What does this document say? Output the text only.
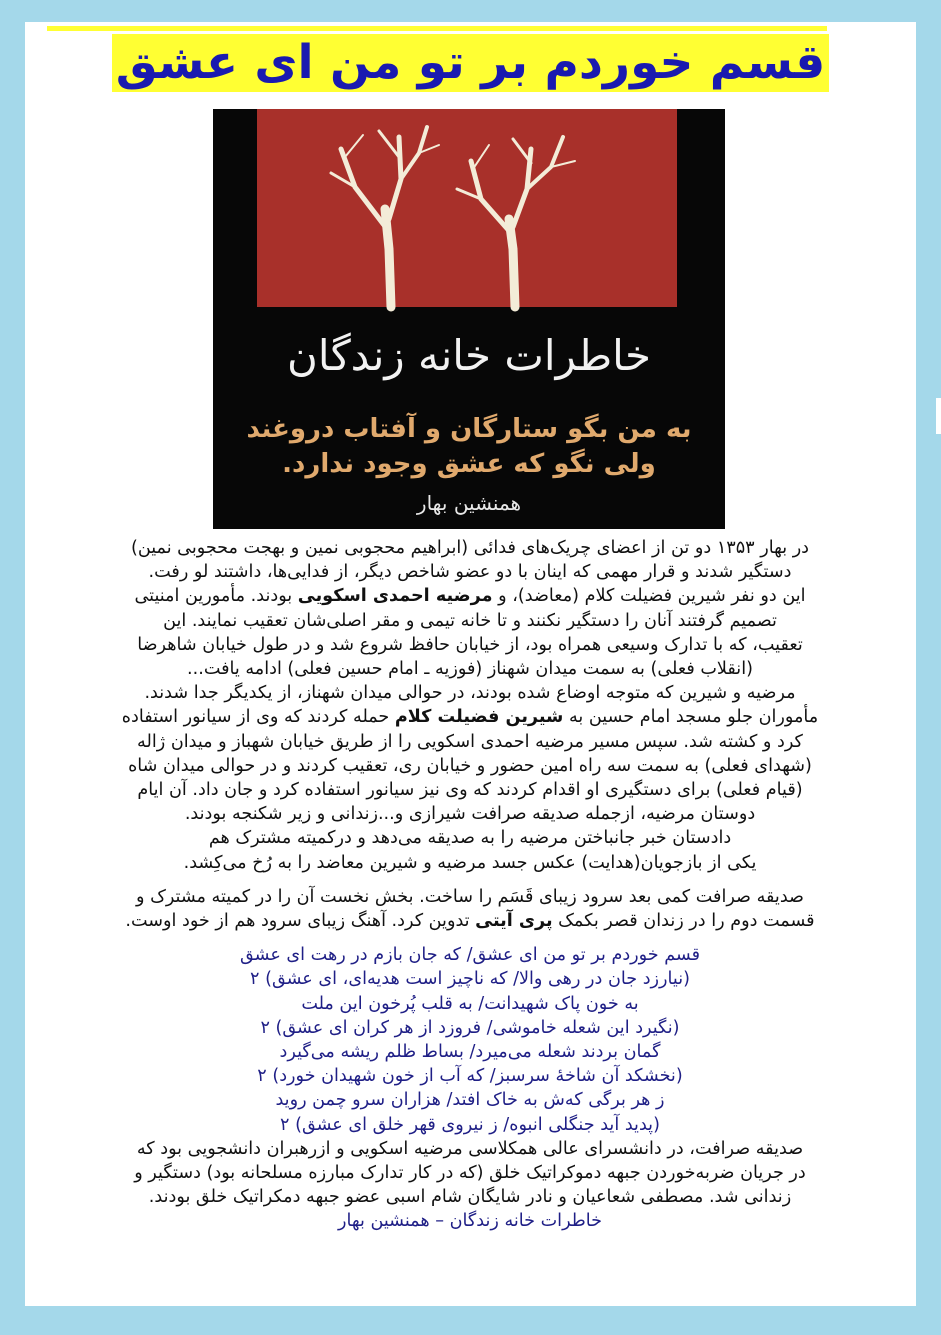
قسم خوردم بر تو من ای عشق
خاطرات خانه زندگان
به من بگو ستارگان و آفتاب دروغند
ولی نگو که عشق وجود ندارد.
همنشین بهار
در بهار ۱۳۵۳ دو تن از اعضای چریک‌های فدائی (ابراهیم محجوبی نمین و بهجت محجوبی نمین)
دستگیر شدند و قرار مهمی که اینان با دو عضو شاخص دیگر، از فدایی‌ها، داشتند لو رفت.
این دو نفر شیرین فضیلت کلام (معاضد)، و مرضیه احمدی اسکویی بودند. مأمورین امنیتی
تصمیم گرفتند آنان را دستگیر نکنند و تا خانه تیمی و مقر اصلی‌شان تعقیب نمایند. این
تعقیب، که با تدارک وسیعی همراه بود، از خیابان حافظ شروع شد و در طول خیابان شاهرضا
(انقلاب فعلی) به سمت میدان شهناز (فوزیه ـ امام حسین فعلی) ادامه یافت...
مرضیه و شیرین که متوجه اوضاع شده بودند، در حوالی میدان شهناز، از یکدیگر جدا شدند.
مأموران جلو مسجد امام حسین به شیرین فضیلت کلام حمله کردند که وی از سیانور استفاده
کرد و کشته شد. سپس مسیر مرضیه احمدی اسکویی را از طریق خیابان شهباز و میدان ژاله
(شهدای فعلی) به سمت سه راه امین حضور و خیابان ری، تعقیب کردند و در حوالی میدان شاه
(قیام فعلی) برای دستگیری او اقدام کردند که وی نیز سیانور استفاده کرد و جان داد. آن ایام
دوستان مرضیه، ازجمله صدیقه صرافت شیرازی و...زندانی و زیر شکنجه بودند.
دادستان خبر جانباختن مرضیه را به صدیقه می‌دهد و درکمیته مشترک هم
یکی از بازجویان(هدایت) عکس جسد مرضیه و شیرین معاضد را به رُخ می‌کِشد.
صدیقه صرافت کمی بعد سرود زیبای قَسَم را ساخت. بخش نخست آن را در کمیته مشترک و
قسمت دوم را در زندان قصر بکمک پری آیتی تدوین کرد. آهنگ زیبای سرود هم از خود اوست.
قسم خوردم بر تو من ای عشق/ که جان بازم در رهت ای عشق
(نیارزد جان در رهی والا/ که ناچیز است هدیه‌ای، ای عشق) ۲
به خون پاک شهیدانت/ به قلب پُرخون این ملت
(نگیرد این شعله خاموشی/ فروزد از هر کران ای عشق) ۲
گمان بردند شعله می‌میرد/ بساط ظلم ریشه می‌گیرد
(نخشکد آن شاخهٔ سرسبز/ که آب از خون شهیدان خورد) ۲
ز هر برگی که‌ش به خاک افتد/ هزاران سرو چمن روید
(پدید آید جنگلی انبوه/ ز نیروی قهر خلق ای عشق) ۲
صدیقه صرافت، در دانشسرای عالی همکلاسی مرضیه اسکویی و ازرهبران دانشجویی بود که
در جریان ضربه‌خوردن جبهه دموکراتیک خلق (که در کار تدارک مبارزه مسلحانه بود) دستگیر و
زندانی شد. مصطفی شعاعیان و نادر شایگان شام اسبی عضو جبهه دمکراتیک خلق بودند.
خاطرات خانه زندگان – همنشین بهار
